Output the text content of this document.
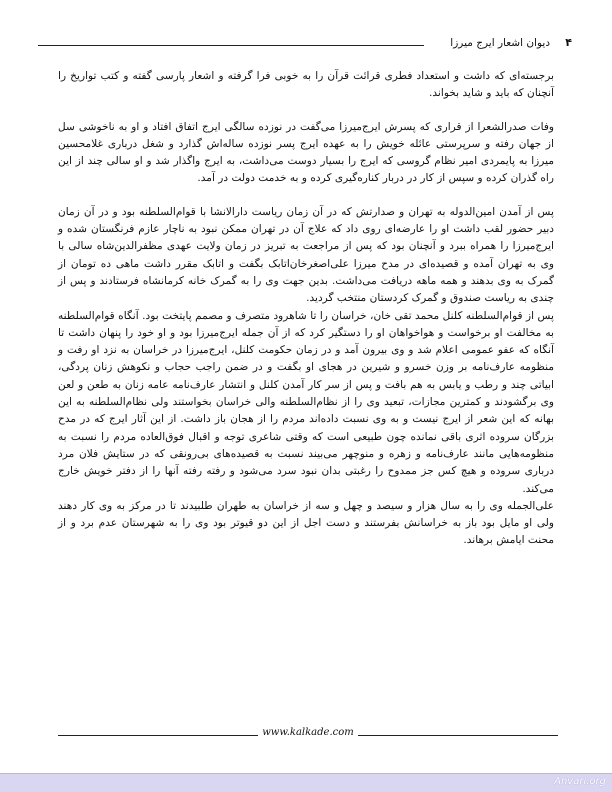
۴
دیوان اشعار ایرج میرزا

برجسته‌ای که داشت و استعداد فطری قرائت قرآن را به خوبی فرا گرفته و اشعار پارسی گفته و کتب تواریخ را آنچنان که باید و شاید بخواند.

وفات صدرالشعرا از قراری که پسرش ایرج‌میرزا می‌گفت در نوزده سالگی ایرج اتفاق افتاد و او به ناخوشی سل از جهان رفته و سرپرستی عائله خویش را به عهده ایرج پسر نوزده ساله‌اش گذارد و شغل درباری غلامحسین میرزا به پایمردی امیر نظام گروسی که ایرج را بسیار دوست می‌داشت، به ایرج واگذار شد و او سالی چند از این راه گذران کرده و سپس از کار در دربار کناره‌گیری کرده و به خدمت دولت در آمد.

پس از آمدن امین‌الدوله به تهران و صدارتش که در آن زمان ریاست دارالانشا با قوام‌السلطنه بود و در آن زمان دبیر حضور لقب داشت او را عارضه‌ای روی داد که علاج آن در تهران ممکن نبود به ناچار عازم فرنگستان شده و ایرج‌میرزا را همراه ببرد و آنچنان بود که پس از مراجعت به تبریز در زمان ولایت عهدی مظفرالدین‌شاه سالی با وی به تهران آمده و قصیده‌ای در مدح میرزا علی‌اصغرخان‌اتابک بگفت و اتابک مقرر داشت ماهی ده تومان از گمرک به وی بدهند و همه ماهه دریافت می‌داشت. بدین جهت وی را به گمرک خانه کرمانشاه فرستادند و پس از چندی به ریاست صندوق و گمرک کردستان منتخب گردید.

پس از قوام‌السلطنه کلنل محمد تقی خان، خراسان را تا شاهرود متصرف و مصمم پایتخت بود. آنگاه قوام‌السلطنه به مخالفت او برخواست و هواخواهان او را دستگیر کرد که از آن جمله ایرج‌میرزا بود و او خود را پنهان داشت تا آنگاه که عفو عمومی اعلام شد و وی بیرون آمد و در زمان حکومت کلنل، ایرج‌میرزا در خراسان به نزد او رفت و منظومه عارف‌نامه بر وزن خسرو و شیرین در هجای او بگفت و در ضمن راجب حجاب و نکوهش زنان پردگی، ابیاتی چند و رطب و یابس به هم بافت و پس از سر کار آمدن کلنل و انتشار عارف‌نامه عامه زنان به طعن و لعن وی برگشودند و کمترین مجازات، تبعید وی را از نظام‌السلطنه والی خراسان بخواستند ولی نظام‌السلطنه به این بهانه که این شعر از ایرج نیست و به وی نسبت داده‌اند مردم را از هجان باز داشت. از این آثار ایرج که در مدح بزرگان سروده اثری باقی نمانده چون طبیعی است که وقتی شاعری توجه و اقبال فوق‌العاده مردم را نسبت به منظومه‌هایی مانند عارف‌نامه و زهره و منوچهر می‌بیند نسبت به قصیده‌های بی‌رونقی که در ستایش فلان مرد درباری سروده و هیچ کس جز ممدوح را رغبتی بدان نبود سرد می‌شود و رفته رفته آنها را از دفتر خویش خارج می‌کند.

علی‌الجمله وی را به سال هزار و سیصد و چهل و سه از خراسان به طهران طلبیدند تا در مرکز به وی کار دهند ولی او مایل بود باز به خراسانش بفرستند و دست اجل از این دو قیوتر بود وی را به شهرستان عدم برد و از محنت ایامش برهاند.

www.kalkade.com
Anvari.org
